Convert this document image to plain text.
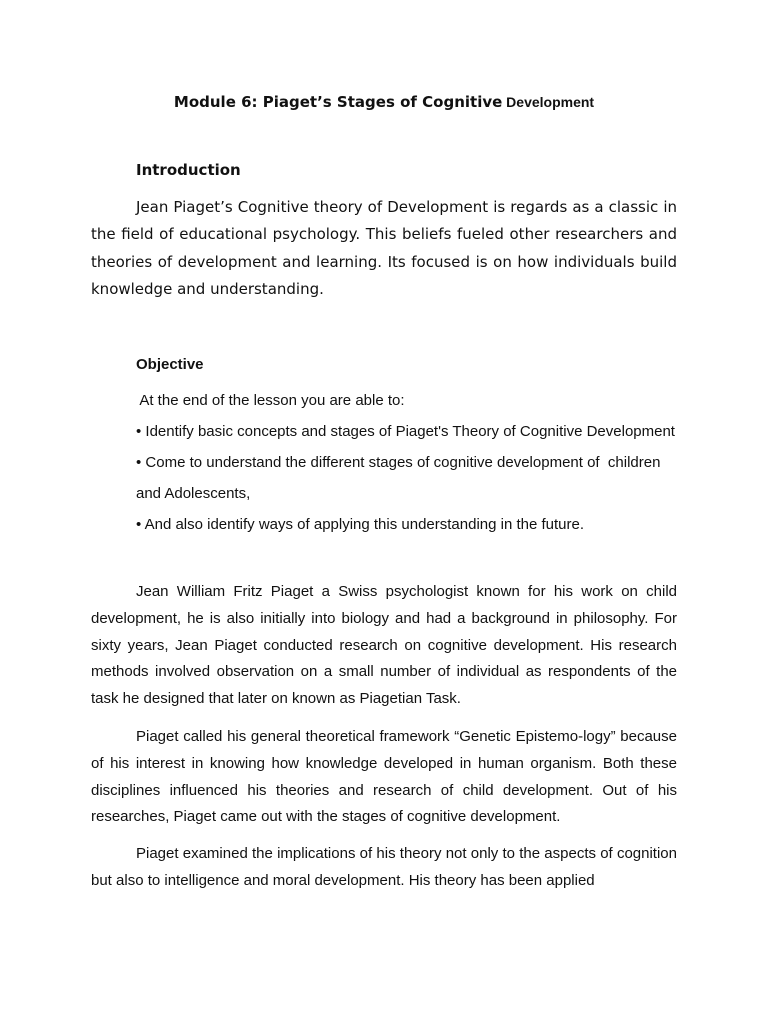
Module 6: Piaget’s Stages of Cognitive Development
Introduction

Jean Piaget’s Cognitive theory of Development is regards as a classic in the field of educational psychology. This beliefs fueled other researchers and theories of development and learning. Its focused is on how individuals build knowledge and understanding.

Objective
At the end of the lesson you are able to:
• Identify basic concepts and stages of Piaget's Theory of Cognitive Development
• Come to understand the different stages of cognitive development of  children
and Adolescents,
• And also identify ways of applying this understanding in the future.

Jean William Fritz Piaget a Swiss psychologist known for his work on child development, he is also initially into biology and had a background in philosophy. For sixty years, Jean Piaget conducted research on cognitive development. His research methods involved observation on a small number of individual as respondents of the task he designed that later on known as Piagetian Task.

Piaget called his general theoretical framework “Genetic Epistemo-logy” because of his interest in knowing how knowledge developed in human organism. Both these disciplines influenced his theories and research of child development. Out of his researches, Piaget came out with the stages of cognitive development.

Piaget examined the implications of his theory not only to the aspects of cognition but also to intelligence and moral development. His theory has been applied
